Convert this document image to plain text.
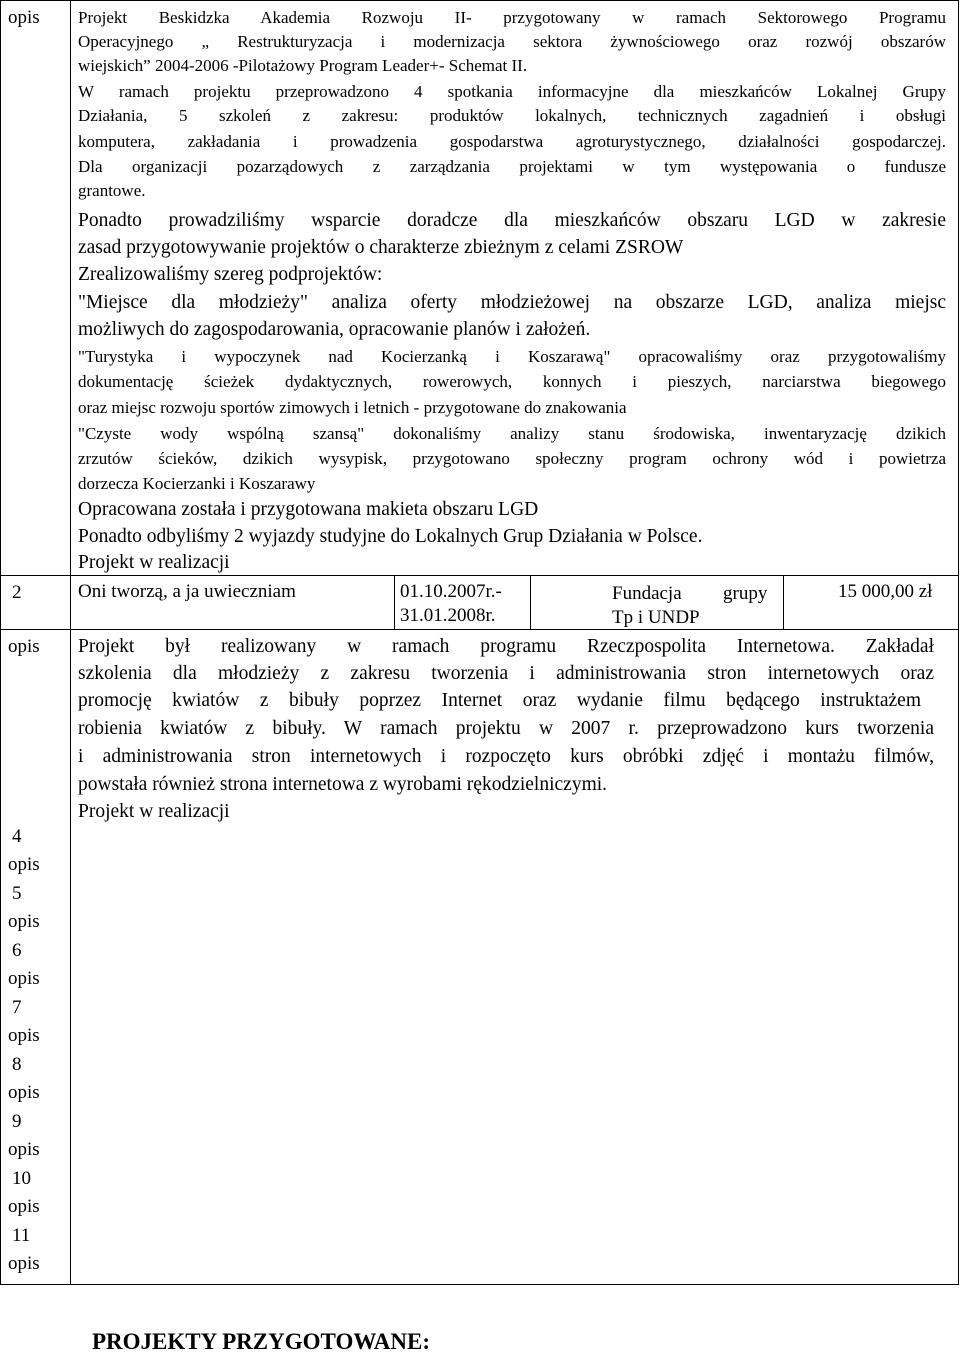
opis

2

opis

4

opis

5

opis

6

opis

7

opis

8

opis

9

opis

10

opis

11

opis

Projekt Beskidzka Akademia Rozwoju II- przygotowany w ramach Sektorowego Programu

Operacyjnego „ Restrukturyzacja i modernizacja sektora żywnościowego oraz rozwój obszarów

wiejskich” 2004-2006 -Pilotażowy Program Leader+- Schemat II.

W ramach projektu przeprowadzono 4 spotkania informacyjne dla mieszkańców Lokalnej Grupy

Działania, 5 szkoleń z zakresu: produktów lokalnych, technicznych zagadnień i obsługi

komputera, zakładania i prowadzenia gospodarstwa agroturystycznego, działalności gospodarczej.

Dla organizacji pozarządowych z zarządzania projektami w tym występowania o fundusze

grantowe.

Ponadto prowadziliśmy wsparcie doradcze dla mieszkańców obszaru LGD w zakresie

zasad przygotowywanie projektów o charakterze zbieżnym z celami ZSROW

Zrealizowaliśmy szereg podprojektów:

"Miejsce dla młodzieży" analiza oferty młodzieżowej na obszarze LGD, analiza miejsc

możliwych do zagospodarowania, opracowanie planów i założeń.

"Turystyka i wypoczynek nad Kocierzanką i Koszarawą" opracowaliśmy oraz przygotowaliśmy

dokumentację ścieżek dydaktycznych, rowerowych, konnych i pieszych, narciarstwa biegowego

oraz miejsc rozwoju sportów zimowych i letnich - przygotowane do znakowania

"Czyste wody wspólną szansą" dokonaliśmy analizy stanu środowiska, inwentaryzację dzikich

zrzutów ścieków, dzikich wysypisk, przygotowano społeczny program ochrony wód i powietrza

dorzecza Kocierzanki i Koszarawy

Opracowana została i przygotowana makieta obszaru LGD

Ponadto odbyliśmy 2 wyjazdy studyjne do Lokalnych Grup Działania w Polsce.

Projekt w realizacji

Oni tworzą, a ja uwieczniam	01.10.2007r.-

31.01.2008r.

Fundacja grupy

Tp i UNDP

15 000,00 zł

Projekt był realizowany w ramach programu Rzeczpospolita Internetowa. Zakładał

szkolenia dla młodzieży z zakresu tworzenia i administrowania stron internetowych oraz

promocję kwiatów z bibuły poprzez Internet oraz wydanie filmu będącego instruktażem

robienia kwiatów z bibuły. W ramach projektu w 2007 r. przeprowadzono kurs tworzenia

i administrowania stron internetowych i rozpoczęto kurs obróbki zdjęć i montażu filmów,

powstała również strona internetowa z wyrobami rękodzielniczymi.

Projekt w realizacji

PROJEKTY PRZYGOTOWANE:
